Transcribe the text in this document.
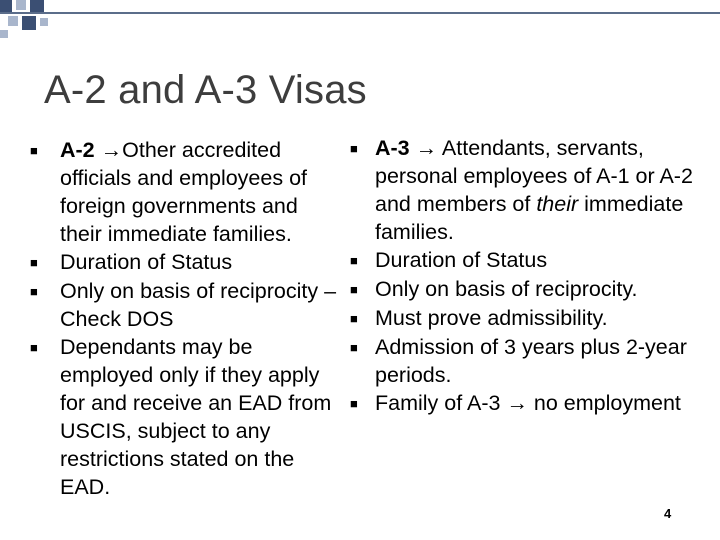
A-2 and A-3 Visas
■
A-2 →Other accredited officials and employees of foreign governments and their immediate families.
■
Duration of Status
■
Only on basis of reciprocity – Check DOS
■
Dependants may be employed only if they apply for and receive an EAD from USCIS, subject to any restrictions stated on the EAD.
■
A-3 → Attendants, servants, personal employees of A-1 or A-2 and members of their immediate families.
■
Duration of Status
■
Only on basis of reciprocity.
■
Must prove admissibility.
■
Admission of 3 years plus 2-year periods.
■
Family of A-3 → no employment
4
